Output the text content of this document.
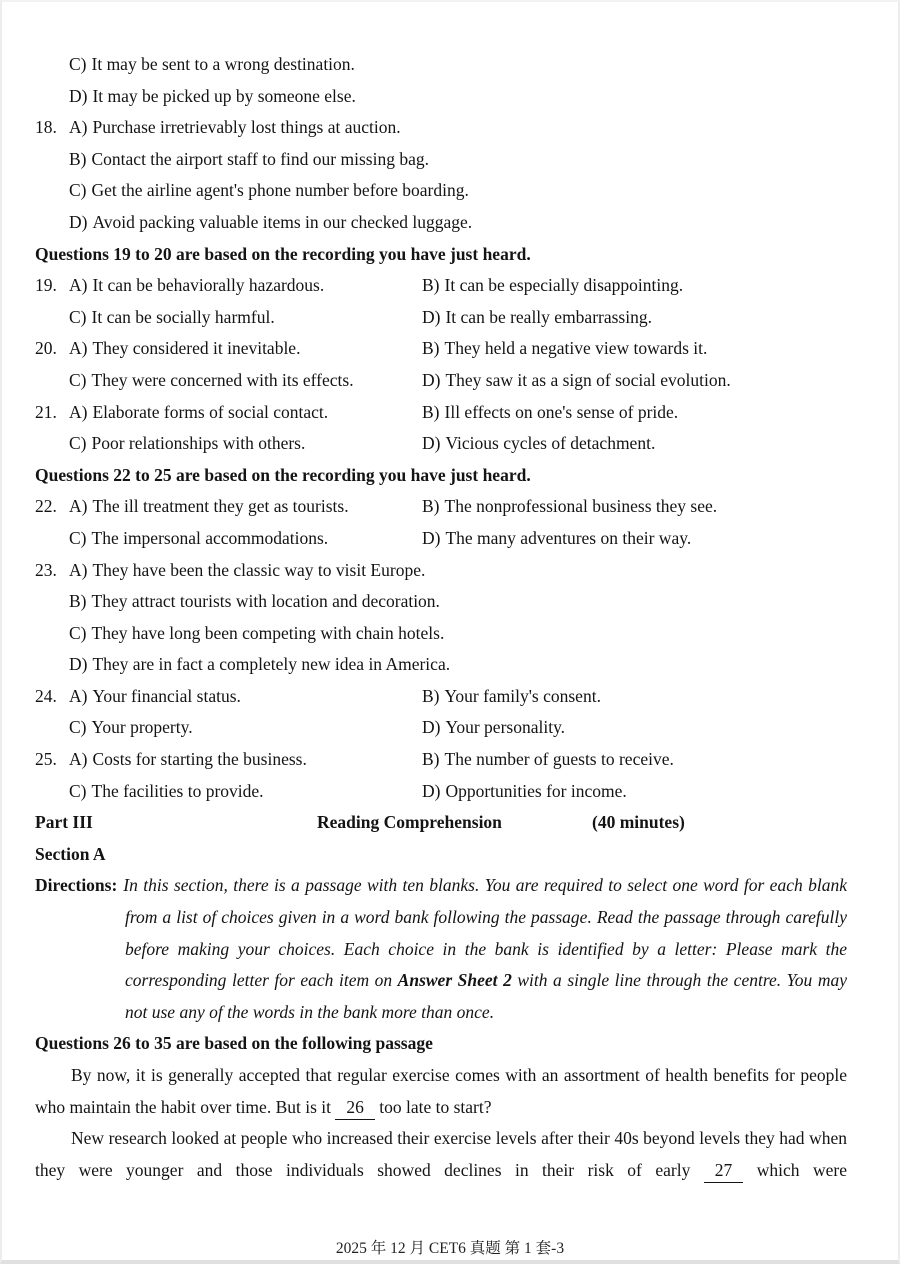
C) It may be sent to a wrong destination.
D) It may be picked up by someone else.
18. A) Purchase irretrievably lost things at auction.
B) Contact the airport staff to find our missing bag.
C) Get the airline agent's phone number before boarding.
D) Avoid packing valuable items in our checked luggage.
Questions 19 to 20 are based on the recording you have just heard.
19. A) It can be behaviorally hazardous.	B) It can be especially disappointing.
C) It can be socially harmful.	D) It can be really embarrassing.
20. A) They considered it inevitable.	B) They held a negative view towards it.
C) They were concerned with its effects.	D) They saw it as a sign of social evolution.
21. A) Elaborate forms of social contact.	B) Ill effects on one's sense of pride.
C) Poor relationships with others.	D) Vicious cycles of detachment.
Questions 22 to 25 are based on the recording you have just heard.
22. A) The ill treatment they get as tourists.	B) The nonprofessional business they see.
C) The impersonal accommodations.	D) The many adventures on their way.
23. A) They have been the classic way to visit Europe.
B) They attract tourists with location and decoration.
C) They have long been competing with chain hotels.
D) They are in fact a completely new idea in America.
24. A) Your financial status.	B) Your family's consent.
C) Your property.	D) Your personality.
25. A) Costs for starting the business.	B) The number of guests to receive.
C) The facilities to provide.	D) Opportunities for income.
Part III	Reading Comprehension	(40 minutes)
Section A
Directions: In this section, there is a passage with ten blanks. You are required to select one word for each blank from a list of choices given in a word bank following the passage. Read the passage through carefully before making your choices. Each choice in the bank is identified by a letter: Please mark the corresponding letter for each item on Answer Sheet 2 with a single line through the centre. You may not use any of the words in the bank more than once.
Questions 26 to 35 are based on the following passage
By now, it is generally accepted that regular exercise comes with an assortment of health benefits for people who maintain the habit over time. But is it 26 too late to start?
New research looked at people who increased their exercise levels after their 40s beyond levels they had when they were younger and those individuals showed declines in their risk of early 27 which were
2025 年 12 月 CET6 真题 第 1 套-3
